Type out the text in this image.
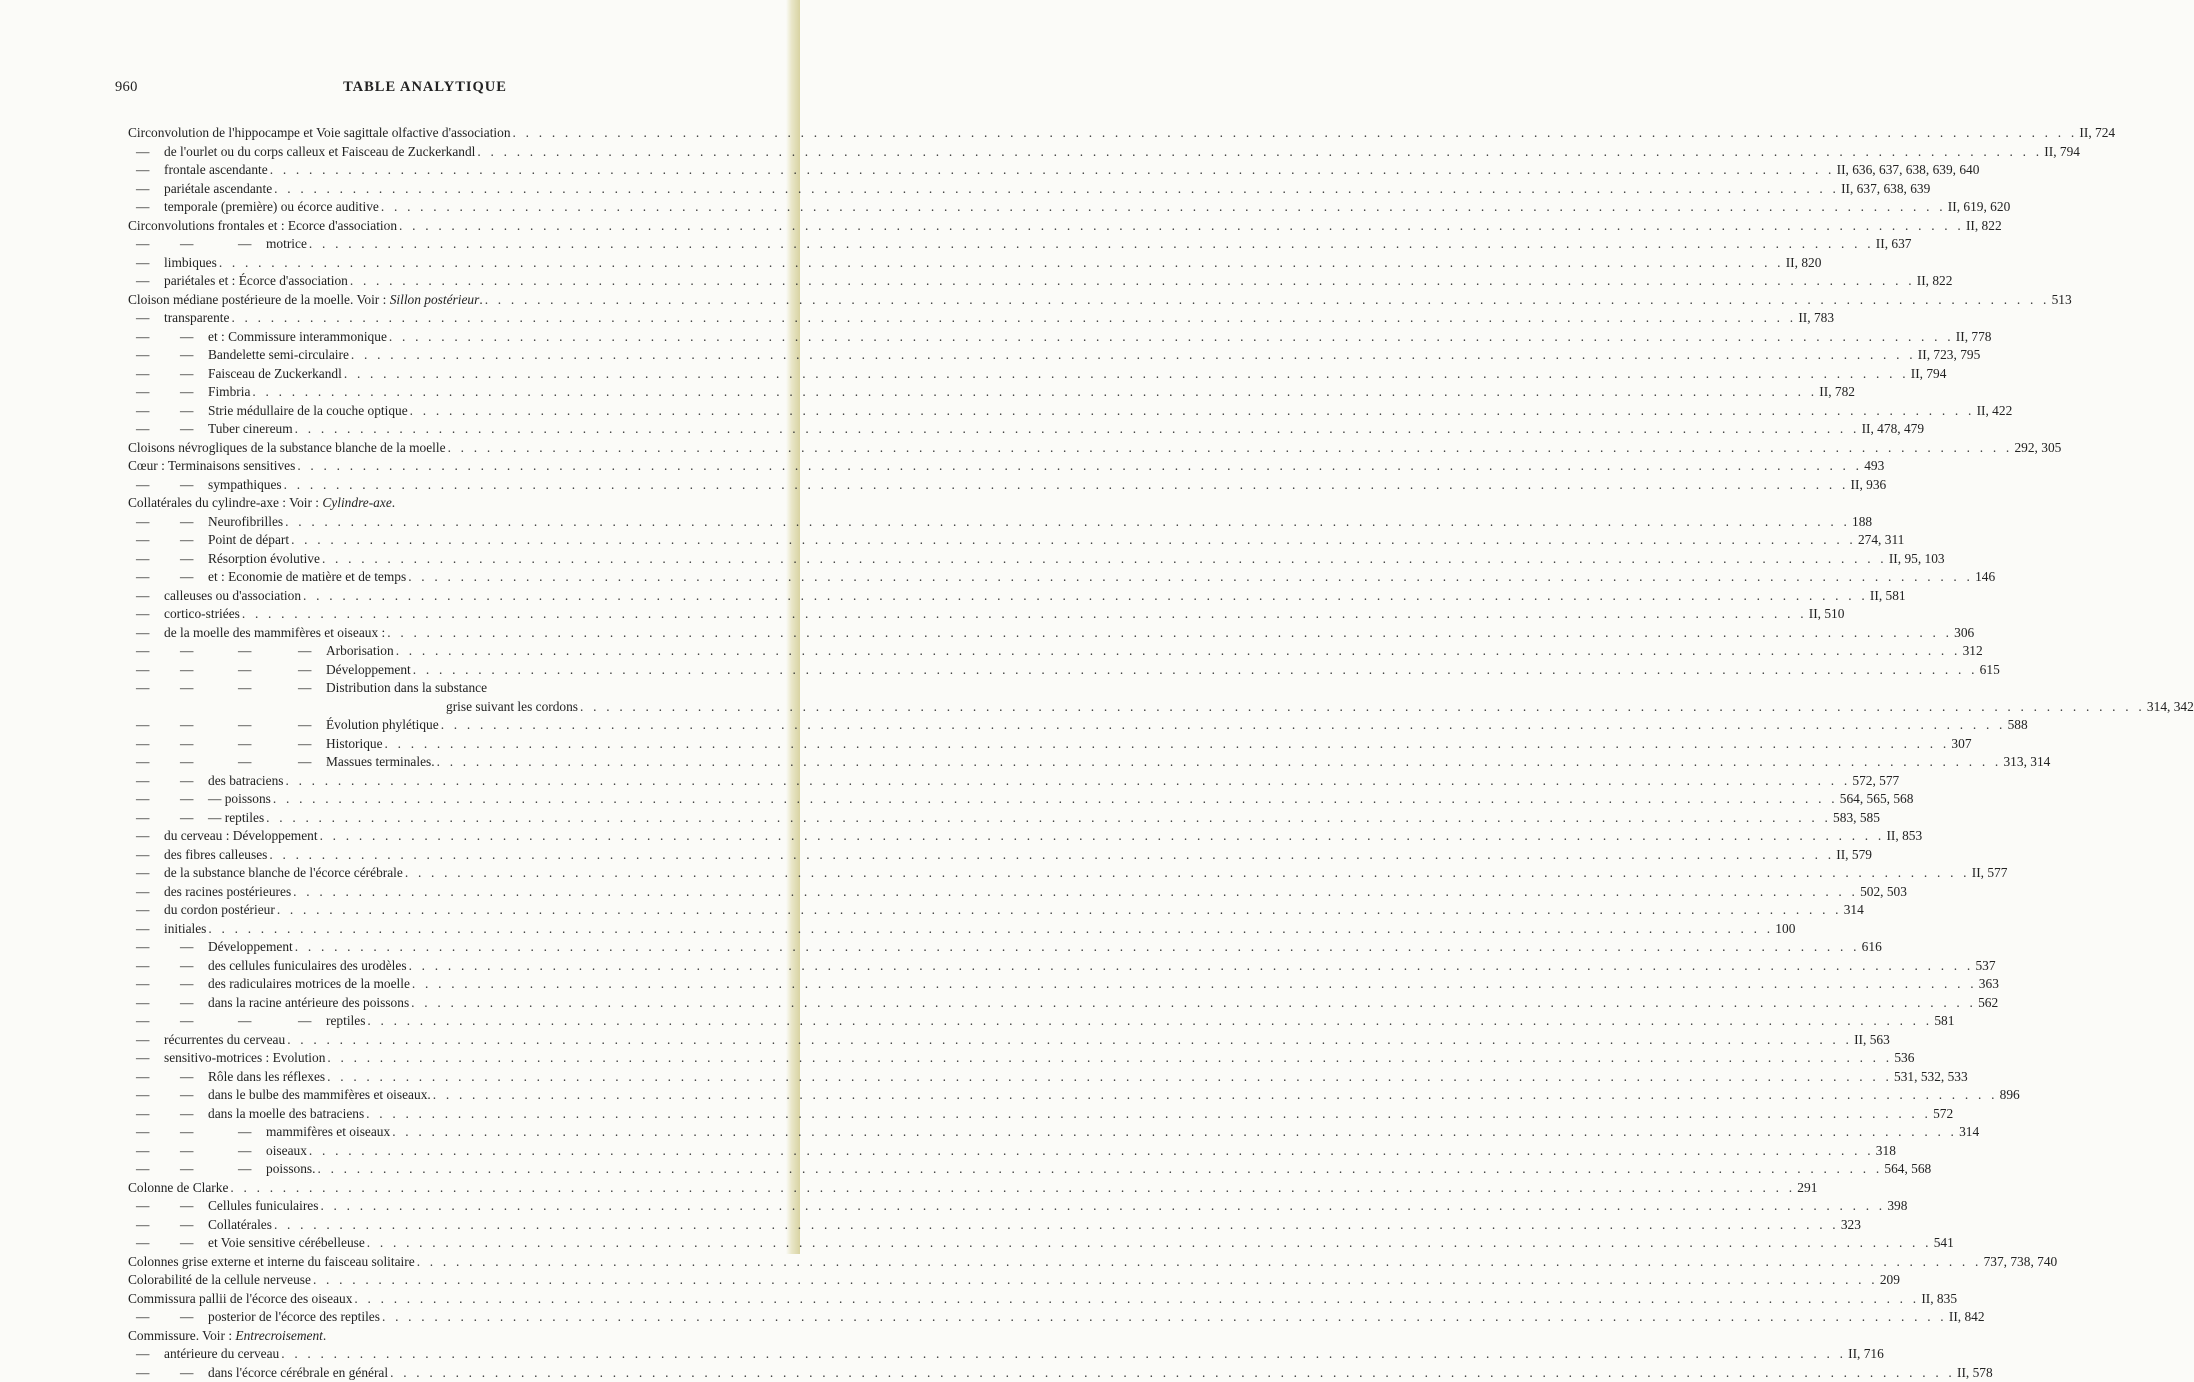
960	TABLE ANALYTIQUE
Circonvolution de l'hippocampe et Voie sagittale olfactive d'association . . . . . . . . . . . . . . . . . . . . . . . . . . . . . . . . . . . . . . . . . . . . . . . . . . . . . . . . . . . . . . . . . . . . . . . . . . . . . . . . . . . . . . . . . . . . . . . . . . . . . . . . . . . . . . . . . . . . . . . . II, 724
— de l'ourlet ou du corps calleux et Faisceau de Zuckerkandl . . . . . . . . . . . . . . . . . . . . . . . . . . . . . . . . . . . . . . . . . . . . . . . . . . . . . . . . . . . . . . . . . . . . . . . . . . . . . . . . . . . . . . . . . . . . . . . . . . . . . . . . . . . . . . . . . . . . . . . . II, 794
— frontale ascendante . . . . . . . . . . . . . . . . . . . . . . . . . . . . . . . . . . . . . . . . . . . . . . . . . . . . . . . . . . . . . . . . . . . . . . . . . . . . . . . . . . . . . . . . . . . . . . . . . . . . . . . . . . . . . . . . . . . . . . . . II, 636, 637, 638, 639, 640
— pariétale ascendante . . . . . . . . . . . . . . . . . . . . . . . . . . . . . . . . . . . . . . . . . . . . . . . . . . . . . . . . . . . . . . . . . . . . . . . . . . . . . . . . . . . . . . . . . . . . . . . . . . . . . . . . . . . . . . . . . . . . . . . . II, 637, 638, 639
— temporale (première) ou écorce auditive . . . . . . . . . . . . . . . . . . . . . . . . . . . . . . . . . . . . . . . . . . . . . . . . . . . . . . . . . . . . . . . . . . . . . . . . . . . . . . . . . . . . . . . . . . . . . . . . . . . . . . . . . . . . . . . . . . . . . . . . II, 619, 620
Circonvolutions frontales et : Ecorce d'association . . . . . . . . . . . . . . . . . . . . . . . . . . . . . . . . . . . . . . . . . . . . . . . . . . . . . . . . . . . . . . . . . . . . . . . . . . . . . . . . . . . . . . . . . . . . . . . . . . . . . . . . . . . . . . . . . . . . . . . . II, 822
— —	— motrice . . . . . . . . . . . . . . . . . . . . . . . . . . . . . . . . . . . . . . . . . . . . . . . . . . . . . . . . . . . . . . . . . . . . . . . . . . . . . . . . . . . . . . . . . . . . . . . . . . . . . . . . . . . . . . . . . . . . . . . . II, 637
— limbiques . . . . . . . . . . . . . . . . . . . . . . . . . . . . . . . . . . . . . . . . . . . . . . . . . . . . . . . . . . . . . . . . . . . . . . . . . . . . . . . . . . . . . . . . . . . . . . . . . . . . . . . . . . . . . . . . . . . . . . . . II, 820
— pariétales et : Écorce d'association . . . . . . . . . . . . . . . . . . . . . . . . . . . . . . . . . . . . . . . . . . . . . . . . . . . . . . . . . . . . . . . . . . . . . . . . . . . . . . . . . . . . . . . . . . . . . . . . . . . . . . . . . . . . . . . . . . . . . . . . II, 822
Cloison médiane postérieure de la moelle. Voir : Sillon postérieur. . . . . . . . . . . . . . . . . . . . . . . . . . . . . . . . . . . . . . . . . . . . . . . . . . . . . . . . . . . . . . . . . . . . . . . . . . . . . . . . . . . . . . . . . . . . . . . . . . . . . . . . . . . . . . . . . . . . . . . . . 513
— transparente . . . . . . . . . . . . . . . . . . . . . . . . . . . . . . . . . . . . . . . . . . . . . . . . . . . . . . . . . . . . . . . . . . . . . . . . . . . . . . . . . . . . . . . . . . . . . . . . . . . . . . . . . . . . . . . . . . . . . . . . II, 783
— — et : Commissure interammonique . . . . . . . . . . . . . . . . . . . . . . . . . . . . . . . . . . . . . . . . . . . . . . . . . . . . . . . . . . . . . . . . . . . . . . . . . . . . . . . . . . . . . . . . . . . . . . . . . . . . . . . . . . . . . . . . . . . . . . . . II, 778
— — Bandelette semi-circulaire . . . . . . . . . . . . . . . . . . . . . . . . . . . . . . . . . . . . . . . . . . . . . . . . . . . . . . . . . . . . . . . . . . . . . . . . . . . . . . . . . . . . . . . . . . . . . . . . . . . . . . . . . . . . . . . . . . . . . . . . II, 723, 795
— — Faisceau de Zuckerkandl . . . . . . . . . . . . . . . . . . . . . . . . . . . . . . . . . . . . . . . . . . . . . . . . . . . . . . . . . . . . . . . . . . . . . . . . . . . . . . . . . . . . . . . . . . . . . . . . . . . . . . . . . . . . . . . . . . . . . . . . II, 794
— — Fimbria . . . . . . . . . . . . . . . . . . . . . . . . . . . . . . . . . . . . . . . . . . . . . . . . . . . . . . . . . . . . . . . . . . . . . . . . . . . . . . . . . . . . . . . . . . . . . . . . . . . . . . . . . . . . . . . . . . . . . . . . II, 782
— — Strie médullaire de la couche optique . . . . . . . . . . . . . . . . . . . . . . . . . . . . . . . . . . . . . . . . . . . . . . . . . . . . . . . . . . . . . . . . . . . . . . . . . . . . . . . . . . . . . . . . . . . . . . . . . . . . . . . . . . . . . . . . . . . . . . . . II, 422
— — Tuber cinereum . . . . . . . . . . . . . . . . . . . . . . . . . . . . . . . . . . . . . . . . . . . . . . . . . . . . . . . . . . . . . . . . . . . . . . . . . . . . . . . . . . . . . . . . . . . . . . . . . . . . . . . . . . . . . . . . . . . . . . . . II, 478, 479
Cloisons névrogliques de la substance blanche de la moelle . . . . . . . . . . . . . . . . . . . . . . . . . . . . . . . . . . . . . . . . . . . . . . . . . . . . . . . . . . . . . . . . . . . . . . . . . . . . . . . . . . . . . . . . . . . . . . . . . . . . . . . . . . . . . . . . . . . . . . . . 292, 305
Cœur : Terminaisons sensitives . . . . . . . . . . . . . . . . . . . . . . . . . . . . . . . . . . . . . . . . . . . . . . . . . . . . . . . . . . . . . . . . . . . . . . . . . . . . . . . . . . . . . . . . . . . . . . . . . . . . . . . . . . . . . . . . . . . . . . . . 493
— — sympathiques . . . . . . . . . . . . . . . . . . . . . . . . . . . . . . . . . . . . . . . . . . . . . . . . . . . . . . . . . . . . . . . . . . . . . . . . . . . . . . . . . . . . . . . . . . . . . . . . . . . . . . . . . . . . . . . . . . . . . . . . II, 936
Collatérales du cylindre-axe : Voir : Cylindre-axe.
— — Neurofibrilles . . . . . . . . . . . . . . . . . . . . . . . . . . . . . . . . . . . . . . . . . . . . . . . . . . . . . . . . . . . . . . . . . . . . . . . . . . . . . . . . . . . . . . . . . . . . . . . . . . . . . . . . . . . . . . . . . . . . . . . . 188
— — Point de départ . . . . . . . . . . . . . . . . . . . . . . . . . . . . . . . . . . . . . . . . . . . . . . . . . . . . . . . . . . . . . . . . . . . . . . . . . . . . . . . . . . . . . . . . . . . . . . . . . . . . . . . . . . . . . . . . . . . . . . . . 274, 311
— — Résorption évolutive . . . . . . . . . . . . . . . . . . . . . . . . . . . . . . . . . . . . . . . . . . . . . . . . . . . . . . . . . . . . . . . . . . . . . . . . . . . . . . . . . . . . . . . . . . . . . . . . . . . . . . . . . . . . . . . . . . . . . . . . II, 95, 103
— — et : Economie de matière et de temps . . . . . . . . . . . . . . . . . . . . . . . . . . . . . . . . . . . . . . . . . . . . . . . . . . . . . . . . . . . . . . . . . . . . . . . . . . . . . . . . . . . . . . . . . . . . . . . . . . . . . . . . . . . . . . . . . . . . . . . . 146
— calleuses ou d'association . . . . . . . . . . . . . . . . . . . . . . . . . . . . . . . . . . . . . . . . . . . . . . . . . . . . . . . . . . . . . . . . . . . . . . . . . . . . . . . . . . . . . . . . . . . . . . . . . . . . . . . . . . . . . . . . . . . . . . . . II, 581
— cortico-striées . . . . . . . . . . . . . . . . . . . . . . . . . . . . . . . . . . . . . . . . . . . . . . . . . . . . . . . . . . . . . . . . . . . . . . . . . . . . . . . . . . . . . . . . . . . . . . . . . . . . . . . . . . . . . . . . . . . . . . . . II, 510
— de la moelle des mammifères et oiseaux : . . . . . . . . . . . . . . . . . . . . . . . . . . . . . . . . . . . . . . . . . . . . . . . . . . . . . . . . . . . . . . . . . . . . . . . . . . . . . . . . . . . . . . . . . . . . . . . . . . . . . . . . . . . . . . . . . . . . . . . . 306
— —	—	— Arborisation . . . . . . . . . . . . . . . . . . . . . . . . . . . . . . . . . . . . . . . . . . . . . . . . . . . . . . . . . . . . . . . . . . . . . . . . . . . . . . . . . . . . . . . . . . . . . . . . . . . . . . . . . . . . . . . . . . . . . . . . 312
— —	—	— Développement . . . . . . . . . . . . . . . . . . . . . . . . . . . . . . . . . . . . . . . . . . . . . . . . . . . . . . . . . . . . . . . . . . . . . . . . . . . . . . . . . . . . . . . . . . . . . . . . . . . . . . . . . . . . . . . . . . . . . . . . 615
— —	—	— Distribution dans la substance
grise suivant les cordons . . . . . . . . . . . . . . . . . . . . . . . . . . . . . . . . . . . . . . . . . . . . . . . . . . . . . . . . . . . . . . . . . . . . . . . . . . . . . . . . . . . . . . . . . . . . . . . . . . . . . . . . . . . . . . . . . . . . . . . . 314, 342
— —	—	— Évolution phylétique . . . . . . . . . . . . . . . . . . . . . . . . . . . . . . . . . . . . . . . . . . . . . . . . . . . . . . . . . . . . . . . . . . . . . . . . . . . . . . . . . . . . . . . . . . . . . . . . . . . . . . . . . . . . . . . . . . . . . . . . 588
— —	—	— Historique . . . . . . . . . . . . . . . . . . . . . . . . . . . . . . . . . . . . . . . . . . . . . . . . . . . . . . . . . . . . . . . . . . . . . . . . . . . . . . . . . . . . . . . . . . . . . . . . . . . . . . . . . . . . . . . . . . . . . . . . 307
— —	—	— Massues terminales. . . . . . . . . . . . . . . . . . . . . . . . . . . . . . . . . . . . . . . . . . . . . . . . . . . . . . . . . . . . . . . . . . . . . . . . . . . . . . . . . . . . . . . . . . . . . . . . . . . . . . . . . . . . . . . . . . . . . . . . . 313, 314
— — des batraciens . . . . . . . . . . . . . . . . . . . . . . . . . . . . . . . . . . . . . . . . . . . . . . . . . . . . . . . . . . . . . . . . . . . . . . . . . . . . . . . . . . . . . . . . . . . . . . . . . . . . . . . . . . . . . . . . . . . . . . . . 572, 577
— — — poissons . . . . . . . . . . . . . . . . . . . . . . . . . . . . . . . . . . . . . . . . . . . . . . . . . . . . . . . . . . . . . . . . . . . . . . . . . . . . . . . . . . . . . . . . . . . . . . . . . . . . . . . . . . . . . . . . . . . . . . . . 564, 565, 568
— — — reptiles . . . . . . . . . . . . . . . . . . . . . . . . . . . . . . . . . . . . . . . . . . . . . . . . . . . . . . . . . . . . . . . . . . . . . . . . . . . . . . . . . . . . . . . . . . . . . . . . . . . . . . . . . . . . . . . . . . . . . . . . 583, 585
— du cerveau : Développement . . . . . . . . . . . . . . . . . . . . . . . . . . . . . . . . . . . . . . . . . . . . . . . . . . . . . . . . . . . . . . . . . . . . . . . . . . . . . . . . . . . . . . . . . . . . . . . . . . . . . . . . . . . . . . . . . . . . . . . . II, 853
— des fibres calleuses . . . . . . . . . . . . . . . . . . . . . . . . . . . . . . . . . . . . . . . . . . . . . . . . . . . . . . . . . . . . . . . . . . . . . . . . . . . . . . . . . . . . . . . . . . . . . . . . . . . . . . . . . . . . . . . . . . . . . . . . II, 579
— de la substance blanche de l'écorce cérébrale . . . . . . . . . . . . . . . . . . . . . . . . . . . . . . . . . . . . . . . . . . . . . . . . . . . . . . . . . . . . . . . . . . . . . . . . . . . . . . . . . . . . . . . . . . . . . . . . . . . . . . . . . . . . . . . . . . . . . . . . II, 577
— des racines postérieures . . . . . . . . . . . . . . . . . . . . . . . . . . . . . . . . . . . . . . . . . . . . . . . . . . . . . . . . . . . . . . . . . . . . . . . . . . . . . . . . . . . . . . . . . . . . . . . . . . . . . . . . . . . . . . . . . . . . . . . . 502, 503
— du cordon postérieur . . . . . . . . . . . . . . . . . . . . . . . . . . . . . . . . . . . . . . . . . . . . . . . . . . . . . . . . . . . . . . . . . . . . . . . . . . . . . . . . . . . . . . . . . . . . . . . . . . . . . . . . . . . . . . . . . . . . . . . . 314
— initiales . . . . . . . . . . . . . . . . . . . . . . . . . . . . . . . . . . . . . . . . . . . . . . . . . . . . . . . . . . . . . . . . . . . . . . . . . . . . . . . . . . . . . . . . . . . . . . . . . . . . . . . . . . . . . . . . . . . . . . . . 100
— — Développement . . . . . . . . . . . . . . . . . . . . . . . . . . . . . . . . . . . . . . . . . . . . . . . . . . . . . . . . . . . . . . . . . . . . . . . . . . . . . . . . . . . . . . . . . . . . . . . . . . . . . . . . . . . . . . . . . . . . . . . . 616
— — des cellules funiculaires des urodèles . . . . . . . . . . . . . . . . . . . . . . . . . . . . . . . . . . . . . . . . . . . . . . . . . . . . . . . . . . . . . . . . . . . . . . . . . . . . . . . . . . . . . . . . . . . . . . . . . . . . . . . . . . . . . . . . . . . . . . . . 537
— — des radiculaires motrices de la moelle . . . . . . . . . . . . . . . . . . . . . . . . . . . . . . . . . . . . . . . . . . . . . . . . . . . . . . . . . . . . . . . . . . . . . . . . . . . . . . . . . . . . . . . . . . . . . . . . . . . . . . . . . . . . . . . . . . . . . . . . 363
— — dans la racine antérieure des poissons . . . . . . . . . . . . . . . . . . . . . . . . . . . . . . . . . . . . . . . . . . . . . . . . . . . . . . . . . . . . . . . . . . . . . . . . . . . . . . . . . . . . . . . . . . . . . . . . . . . . . . . . . . . . . . . . . . . . . . . . 562
— —	—	— reptiles . . . . . . . . . . . . . . . . . . . . . . . . . . . . . . . . . . . . . . . . . . . . . . . . . . . . . . . . . . . . . . . . . . . . . . . . . . . . . . . . . . . . . . . . . . . . . . . . . . . . . . . . . . . . . . . . . . . . . . . . 581
— récurrentes du cerveau . . . . . . . . . . . . . . . . . . . . . . . . . . . . . . . . . . . . . . . . . . . . . . . . . . . . . . . . . . . . . . . . . . . . . . . . . . . . . . . . . . . . . . . . . . . . . . . . . . . . . . . . . . . . . . . . . . . . . . . . II, 563
— sensitivo-motrices : Evolution . . . . . . . . . . . . . . . . . . . . . . . . . . . . . . . . . . . . . . . . . . . . . . . . . . . . . . . . . . . . . . . . . . . . . . . . . . . . . . . . . . . . . . . . . . . . . . . . . . . . . . . . . . . . . . . . . . . . . . . . 536
— — Rôle dans les réflexes . . . . . . . . . . . . . . . . . . . . . . . . . . . . . . . . . . . . . . . . . . . . . . . . . . . . . . . . . . . . . . . . . . . . . . . . . . . . . . . . . . . . . . . . . . . . . . . . . . . . . . . . . . . . . . . . . . . . . . . . 531, 532, 533
— — dans le bulbe des mammifères et oiseaux. . . . . . . . . . . . . . . . . . . . . . . . . . . . . . . . . . . . . . . . . . . . . . . . . . . . . . . . . . . . . . . . . . . . . . . . . . . . . . . . . . . . . . . . . . . . . . . . . . . . . . . . . . . . . . . . . . . . . . . . . 896
— — dans la moelle des batraciens . . . . . . . . . . . . . . . . . . . . . . . . . . . . . . . . . . . . . . . . . . . . . . . . . . . . . . . . . . . . . . . . . . . . . . . . . . . . . . . . . . . . . . . . . . . . . . . . . . . . . . . . . . . . . . . . . . . . . . . . 572
— —	— mammifères et oiseaux . . . . . . . . . . . . . . . . . . . . . . . . . . . . . . . . . . . . . . . . . . . . . . . . . . . . . . . . . . . . . . . . . . . . . . . . . . . . . . . . . . . . . . . . . . . . . . . . . . . . . . . . . . . . . . . . . . . . . . . . 314
— —	— oiseaux . . . . . . . . . . . . . . . . . . . . . . . . . . . . . . . . . . . . . . . . . . . . . . . . . . . . . . . . . . . . . . . . . . . . . . . . . . . . . . . . . . . . . . . . . . . . . . . . . . . . . . . . . . . . . . . . . . . . . . . . 318
— —	— poissons. . . . . . . . . . . . . . . . . . . . . . . . . . . . . . . . . . . . . . . . . . . . . . . . . . . . . . . . . . . . . . . . . . . . . . . . . . . . . . . . . . . . . . . . . . . . . . . . . . . . . . . . . . . . . . . . . . . . . . . . . 564, 568
Colonne de Clarke . . . . . . . . . . . . . . . . . . . . . . . . . . . . . . . . . . . . . . . . . . . . . . . . . . . . . . . . . . . . . . . . . . . . . . . . . . . . . . . . . . . . . . . . . . . . . . . . . . . . . . . . . . . . . . . . . . . . . . . . 291
— — Cellules funiculaires . . . . . . . . . . . . . . . . . . . . . . . . . . . . . . . . . . . . . . . . . . . . . . . . . . . . . . . . . . . . . . . . . . . . . . . . . . . . . . . . . . . . . . . . . . . . . . . . . . . . . . . . . . . . . . . . . . . . . . . . 398
— — Collatérales . . . . . . . . . . . . . . . . . . . . . . . . . . . . . . . . . . . . . . . . . . . . . . . . . . . . . . . . . . . . . . . . . . . . . . . . . . . . . . . . . . . . . . . . . . . . . . . . . . . . . . . . . . . . . . . . . . . . . . . . 323
— — et Voie sensitive cérébelleuse . . . . . . . . . . . . . . . . . . . . . . . . . . . . . . . . . . . . . . . . . . . . . . . . . . . . . . . . . . . . . . . . . . . . . . . . . . . . . . . . . . . . . . . . . . . . . . . . . . . . . . . . . . . . . . . . . . . . . . . . 541
Colonnes grise externe et interne du faisceau solitaire . . . . . . . . . . . . . . . . . . . . . . . . . . . . . . . . . . . . . . . . . . . . . . . . . . . . . . . . . . . . . . . . . . . . . . . . . . . . . . . . . . . . . . . . . . . . . . . . . . . . . . . . . . . . . . . . . . . . . . . . 737, 738, 740
Colorabilité de la cellule nerveuse . . . . . . . . . . . . . . . . . . . . . . . . . . . . . . . . . . . . . . . . . . . . . . . . . . . . . . . . . . . . . . . . . . . . . . . . . . . . . . . . . . . . . . . . . . . . . . . . . . . . . . . . . . . . . . . . . . . . . . . . 209
Commissura pallii de l'écorce des oiseaux . . . . . . . . . . . . . . . . . . . . . . . . . . . . . . . . . . . . . . . . . . . . . . . . . . . . . . . . . . . . . . . . . . . . . . . . . . . . . . . . . . . . . . . . . . . . . . . . . . . . . . . . . . . . . . . . . . . . . . . . II, 835
— — posterior de l'écorce des reptiles . . . . . . . . . . . . . . . . . . . . . . . . . . . . . . . . . . . . . . . . . . . . . . . . . . . . . . . . . . . . . . . . . . . . . . . . . . . . . . . . . . . . . . . . . . . . . . . . . . . . . . . . . . . . . . . . . . . . . . . . II, 842
Commissure. Voir : Entrecroisement.
— antérieure du cerveau . . . . . . . . . . . . . . . . . . . . . . . . . . . . . . . . . . . . . . . . . . . . . . . . . . . . . . . . . . . . . . . . . . . . . . . . . . . . . . . . . . . . . . . . . . . . . . . . . . . . . . . . . . . . . . . . . . . . . . . . II, 716
— — dans l'écorce cérébrale en général . . . . . . . . . . . . . . . . . . . . . . . . . . . . . . . . . . . . . . . . . . . . . . . . . . . . . . . . . . . . . . . . . . . . . . . . . . . . . . . . . . . . . . . . . . . . . . . . . . . . . . . . . . . . . . . . . . . . . . . . II, 578
